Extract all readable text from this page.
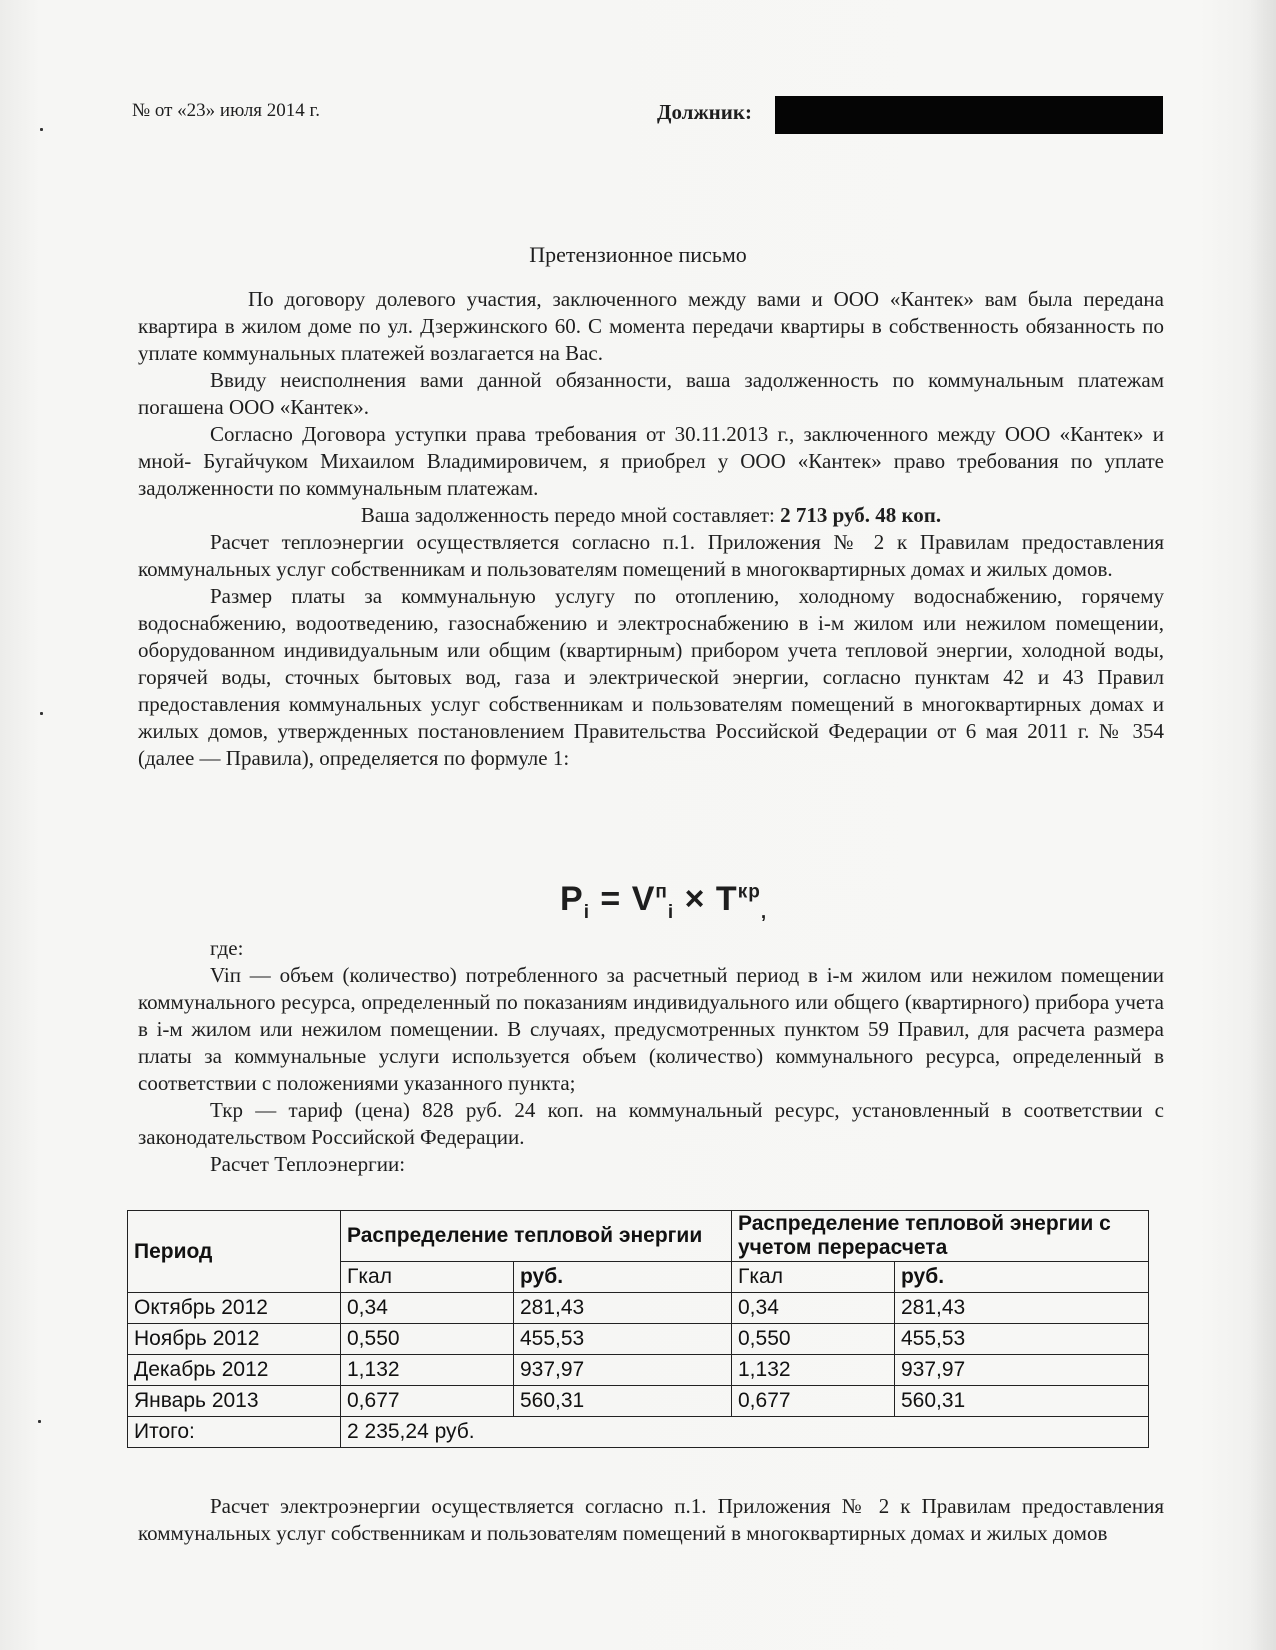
№ от «23» июля 2014 г.	Должник:
Претензионное письмо

По договору долевого участия, заключенного между вами и ООО «Кантек» вам была передана квартира в жилом доме по ул. Дзержинского 60. С момента передачи квартиры в собственность обязанность по уплате коммунальных платежей возлагается на Вас.

Ввиду неисполнения вами данной обязанности, ваша задолженность по коммунальным платежам погашена ООО «Кантек».

Согласно Договора уступки права требования от 30.11.2013 г., заключенного между ООО «Кантек» и мной- Бугайчуком Михаилом Владимировичем, я приобрел у ООО «Кантек» право требования по уплате задолженности по коммунальным платежам.

Ваша задолженность передо мной составляет: 2 713 руб. 48 коп.

Расчет теплоэнергии осуществляется согласно п.1. Приложения № 2 к Правилам предоставления коммунальных услуг собственникам и пользователям помещений в многоквартирных домах и жилых домов.

Размер платы за коммунальную услугу по отоплению, холодному водоснабжению, горячему водоснабжению, водоотведению, газоснабжению и электроснабжению в i-м жилом или нежилом помещении, оборудованном индивидуальным или общим (квартирным) прибором учета тепловой энергии, холодной воды, горячей воды, сточных бытовых вод, газа и электрической энергии, согласно пунктам 42 и 43 Правил предоставления коммунальных услуг собственникам и пользователям помещений в многоквартирных домах и жилых домов, утвержденных постановлением Правительства Российской Федерации от 6 мая 2011 г. № 354 (далее — Правила), определяется по формуле 1:

$P_i = V^п_i \times T^{кр}_,$

где:

Viп — объем (количество) потребленного за расчетный период в i-м жилом или нежилом помещении коммунального ресурса, определенный по показаниям индивидуального или общего (квартирного) прибора учета в i-м жилом или нежилом помещении. В случаях, предусмотренных пунктом 59 Правил, для расчета размера платы за коммунальные услуги используется объем (количество) коммунального ресурса, определенный в соответствии с положениями указанного пункта;

Ткр — тариф (цена) 828 руб. 24 коп. на коммунальный ресурс, установленный в соответствии с законодательством Российской Федерации.

Расчет Теплоэнергии:

Период	Распределение тепловой энергии		Распределение тепловой энергии с учетом перерасчета	
	Гкал	руб.	Гкал	руб.
Октябрь 2012	0,34	281,43	0,34	281,43
Ноябрь 2012	0,550	455,53	0,550	455,53
Декабрь 2012	1,132	937,97	1,132	937,97
Январь 2013	0,677	560,31	0,677	560,31
Итого:	2 235,24 руб.			

Расчет электроэнергии осуществляется согласно п.1. Приложения № 2 к Правилам предоставления коммунальных услуг собственникам и пользователям помещений в многоквартирных домах и жилых домов
